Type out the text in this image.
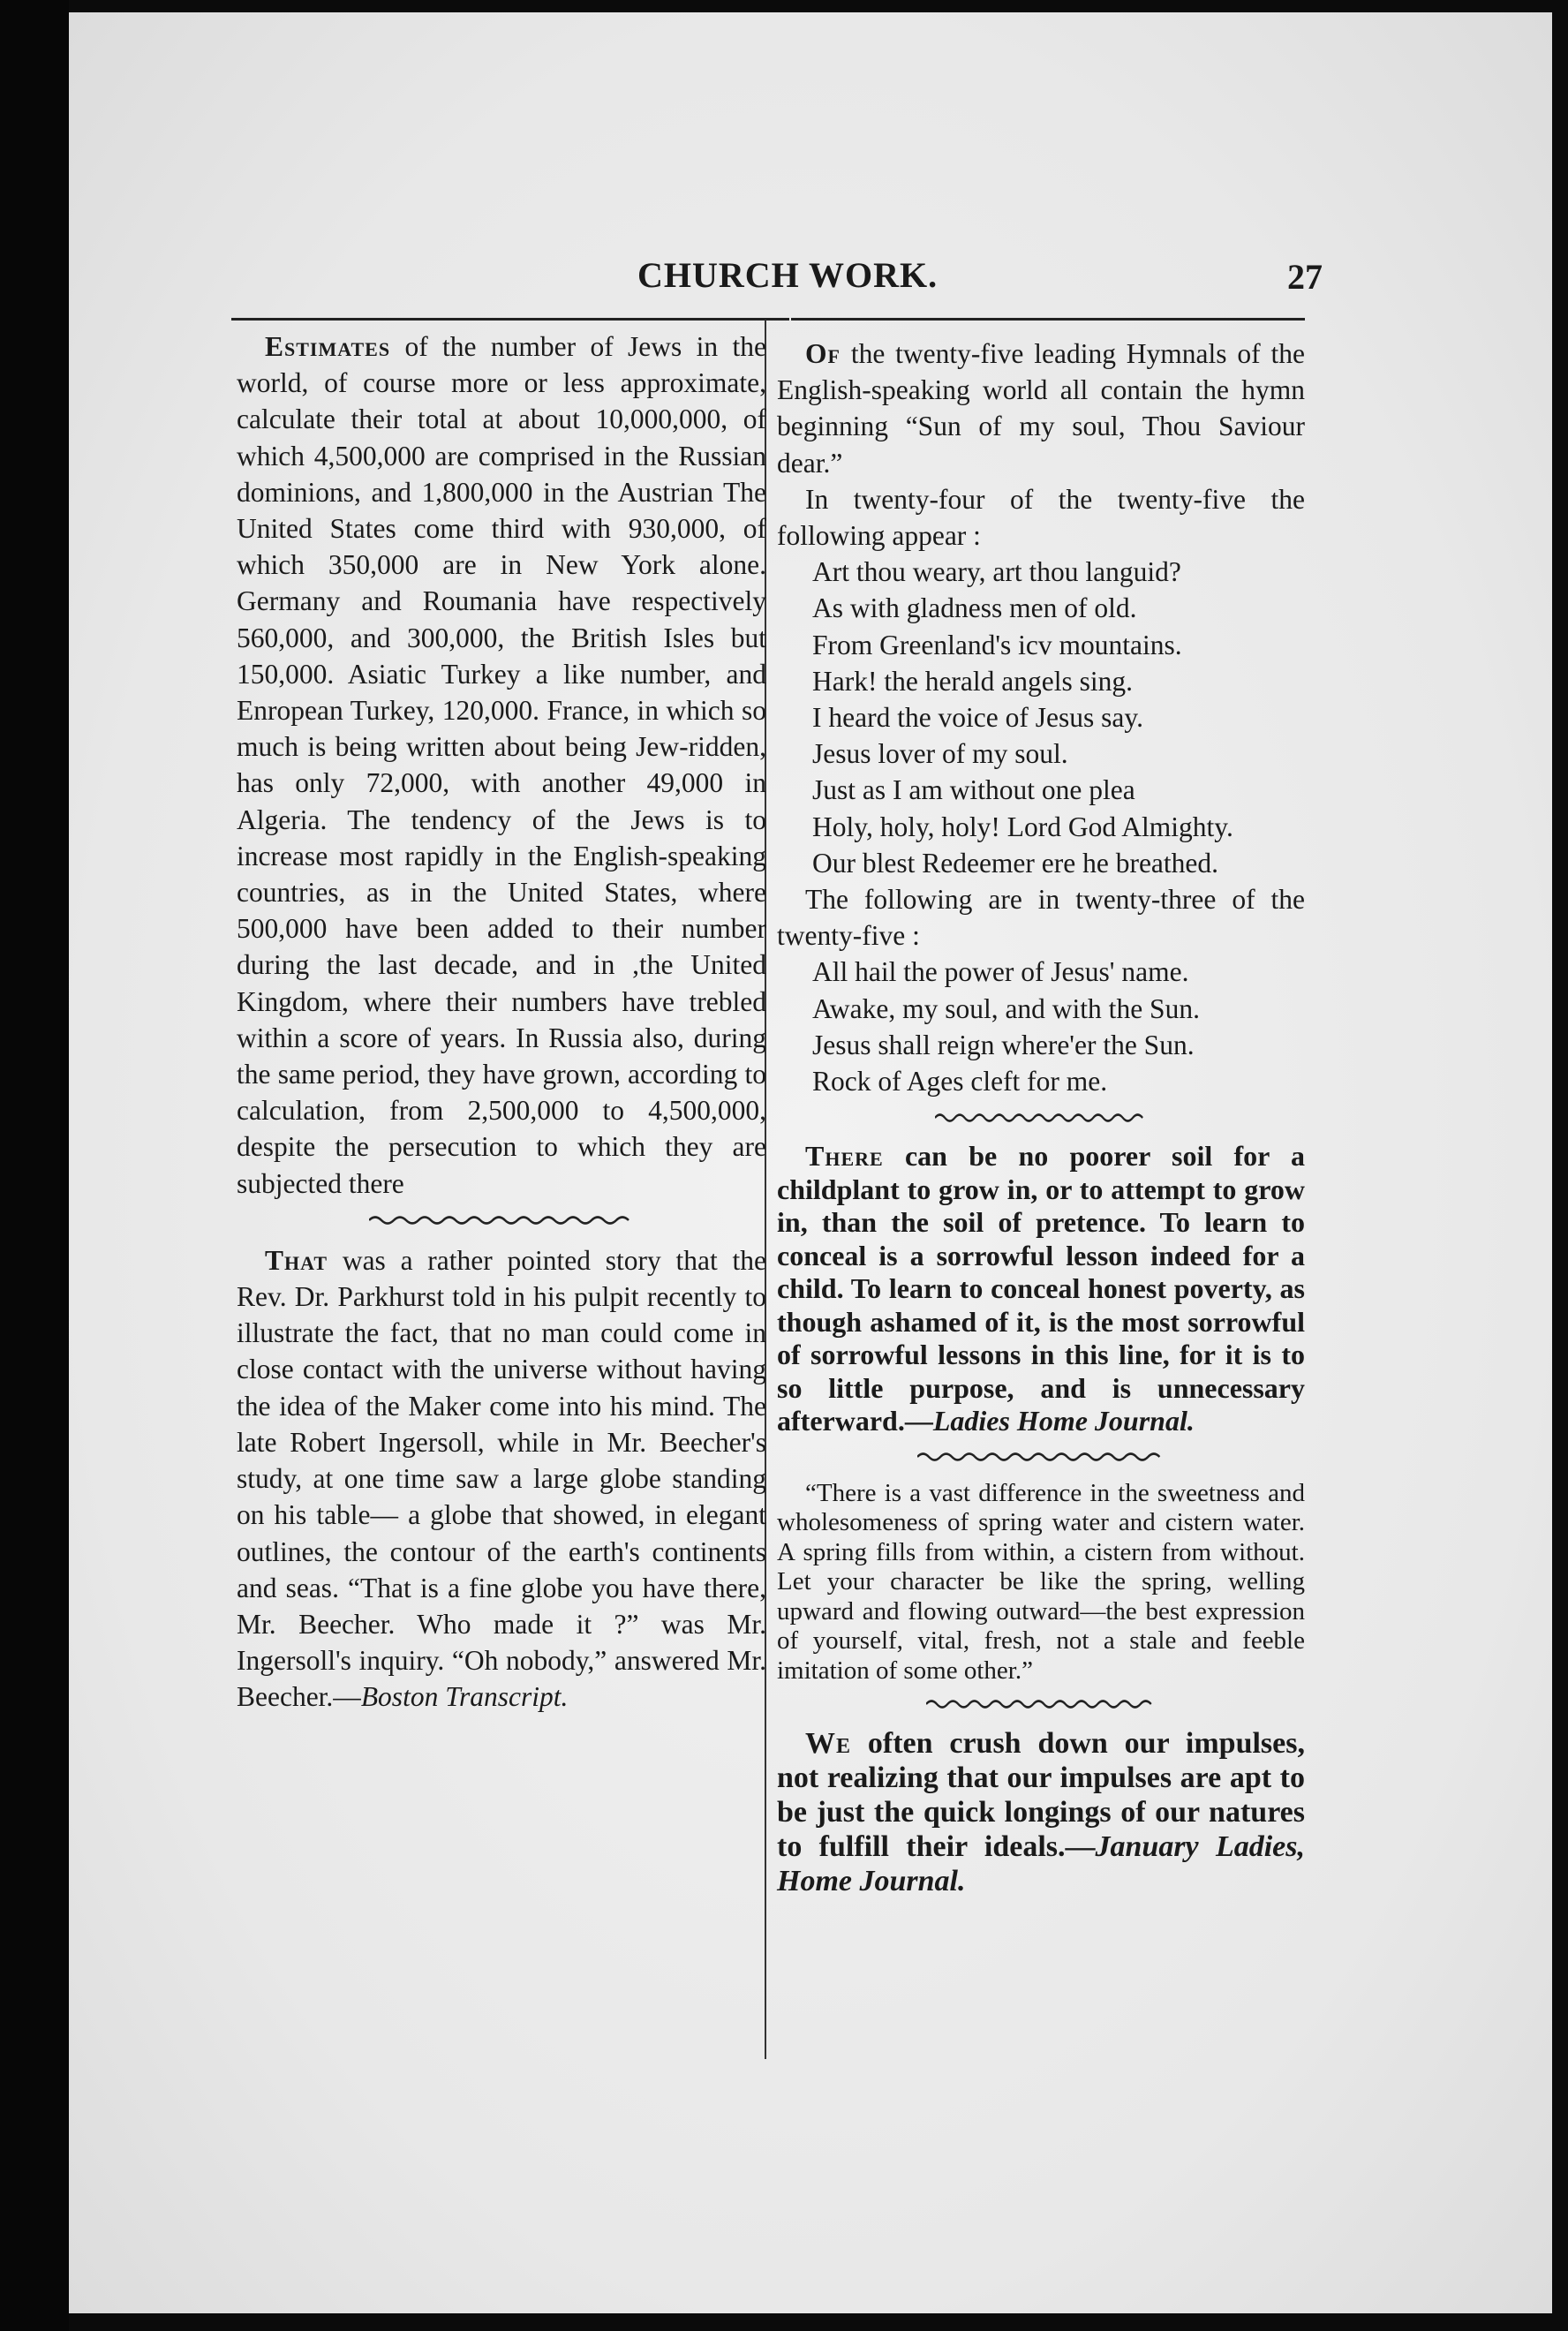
CHURCH WORK.	27

Estimates of the number of Jews in the world, of course more or less approximate, calculate their total at about 10,000,000, of which 4,500,000 are comprised in the Russian dominions, and 1,800,000 in the Austrian The United States come third with 930,000, of which 350,000 are in New York alone. Germany and Roumania have respectively 560,000, and 300,000, the British Isles but 150,000. Asiatic Turkey a like number, and Enropean Turkey, 120,000. France, in which so much is being written about being Jew-ridden, has only 72,000, with another 49,000 in Algeria. The tendency of the Jews is to increase most rapidly in the English-speaking countries, as in the United States, where 500,000 have been added to their number during the last decade, and in ,the United Kingdom, where their numbers have trebled within a score of years. In Russia also, during the same period, they have grown, according to calculation, from 2,500,000 to 4,500,000, despite the persecution to which they are subjected there

That was a rather pointed story that the Rev. Dr. Parkhurst told in his pulpit recently to illustrate the fact, that no man could come in close contact with the universe without having the idea of the Maker come into his mind. The late Robert Ingersoll, while in Mr. Beecher's study, at one time saw a large globe standing on his table— a globe that showed, in elegant outlines, the contour of the earth's continents and seas. “That is a fine globe you have there, Mr. Beecher. Who made it ?” was Mr. Ingersoll's inquiry. “Oh nobody,” answered Mr. Beecher.—Boston Transcript.

Of the twenty-five leading Hymnals of the English-speaking world all contain the hymn beginning “Sun of my soul, Thou Saviour dear.”

In twenty-four of the twenty-five the following appear :

Art thou weary, art thou languid?
As with gladness men of old.
From Greenland's icv mountains.
Hark! the herald angels sing.
I heard the voice of Jesus say.
Jesus lover of my soul.
Just as I am without one plea
Holy, holy, holy! Lord God Almighty.
Our blest Redeemer ere he breathed.

The following are in twenty-three of the twenty-five :

All hail the power of Jesus' name.
Awake, my soul, and with the Sun.
Jesus shall reign where'er the Sun.
Rock of Ages cleft for me.

There can be no poorer soil for a childplant to grow in, or to attempt to grow in, than the soil of pretence. To learn to conceal is a sorrowful lesson indeed for a child. To learn to conceal honest poverty, as though ashamed of it, is the most sorrowful of sorrowful lessons in this line, for it is to so little purpose, and is unnecessary afterward.—Ladies Home Journal.

“There is a vast difference in the sweetness and wholesomeness of spring water and cistern water. A spring fills from within, a cistern from without. Let your character be like the spring, welling upward and flowing outward—the best expression of yourself, vital, fresh, not a stale and feeble imitation of some other.”

We often crush down our impulses, not realizing that our impulses are apt to be just the quick longings of our natures to fulfill their ideals.—January Ladies, Home Journal.
